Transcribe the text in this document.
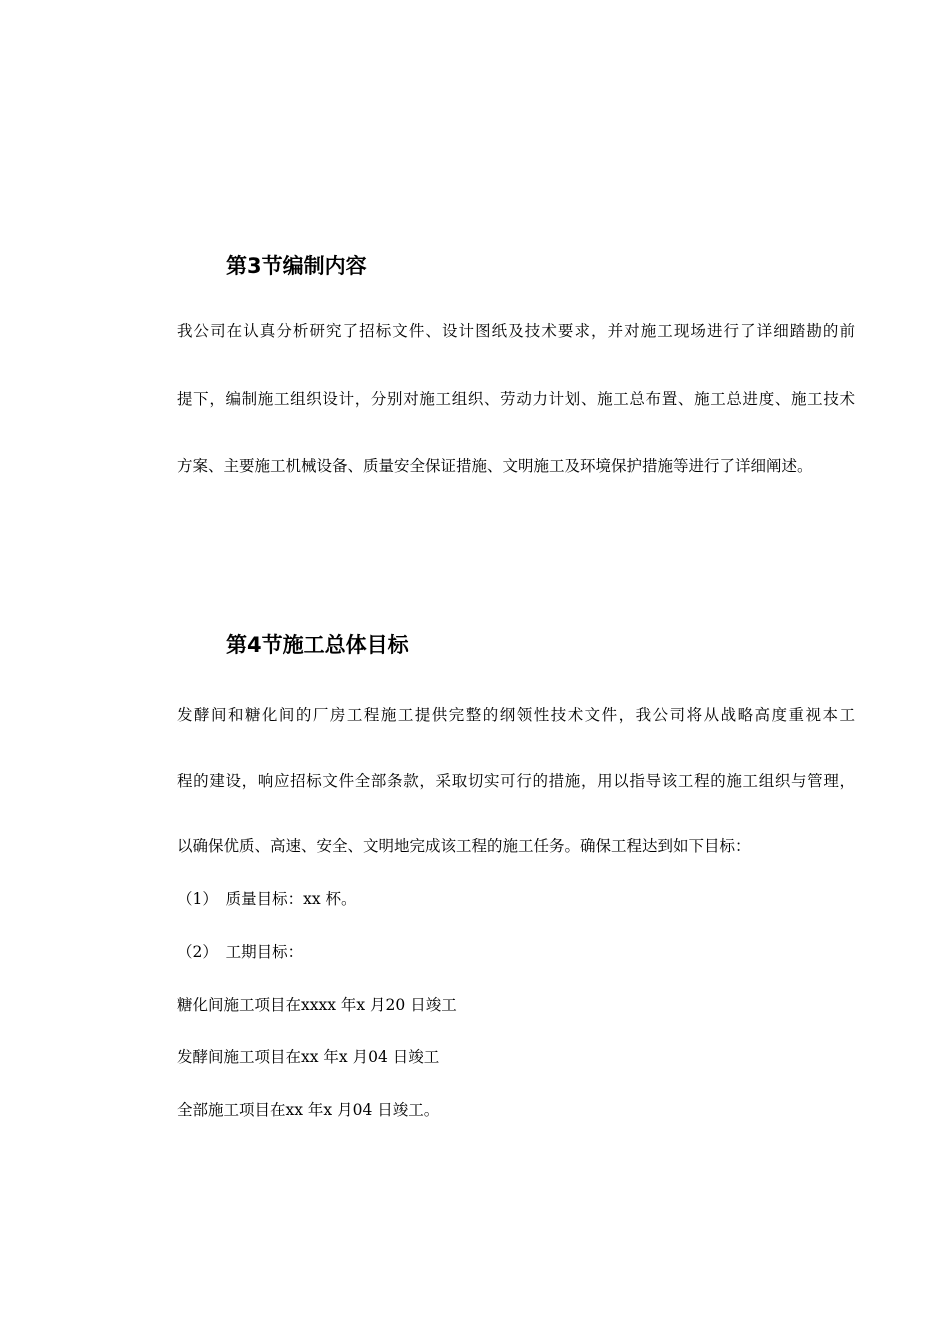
第3节编制内容
我公司在认真分析研究了招标文件、设计图纸及技术要求，并对施工现场进行了详细踏勘的前
提下，编制施工组织设计，分别对施工组织、劳动力计划、施工总布置、施工总进度、施工技术
方案、主要施工机械设备、质量安全保证措施、文明施工及环境保护措施等进行了详细阐述。
第4节施工总体目标
发酵间和糖化间的厂房工程施工提供完整的纲领性技术文件，我公司将从战略高度重视本工
程的建设，响应招标文件全部条款，采取切实可行的措施，用以指导该工程的施工组织与管理，
以确保优质、高速、安全、文明地完成该工程的施工任务。确保工程达到如下目标：
（1）　质量目标：xx 杯。
（2）　工期目标：
糖化间施工项目在xxxx 年x 月20 日竣工
发酵间施工项目在xx 年x 月04 日竣工
全部施工项目在xx 年x 月04 日竣工。
